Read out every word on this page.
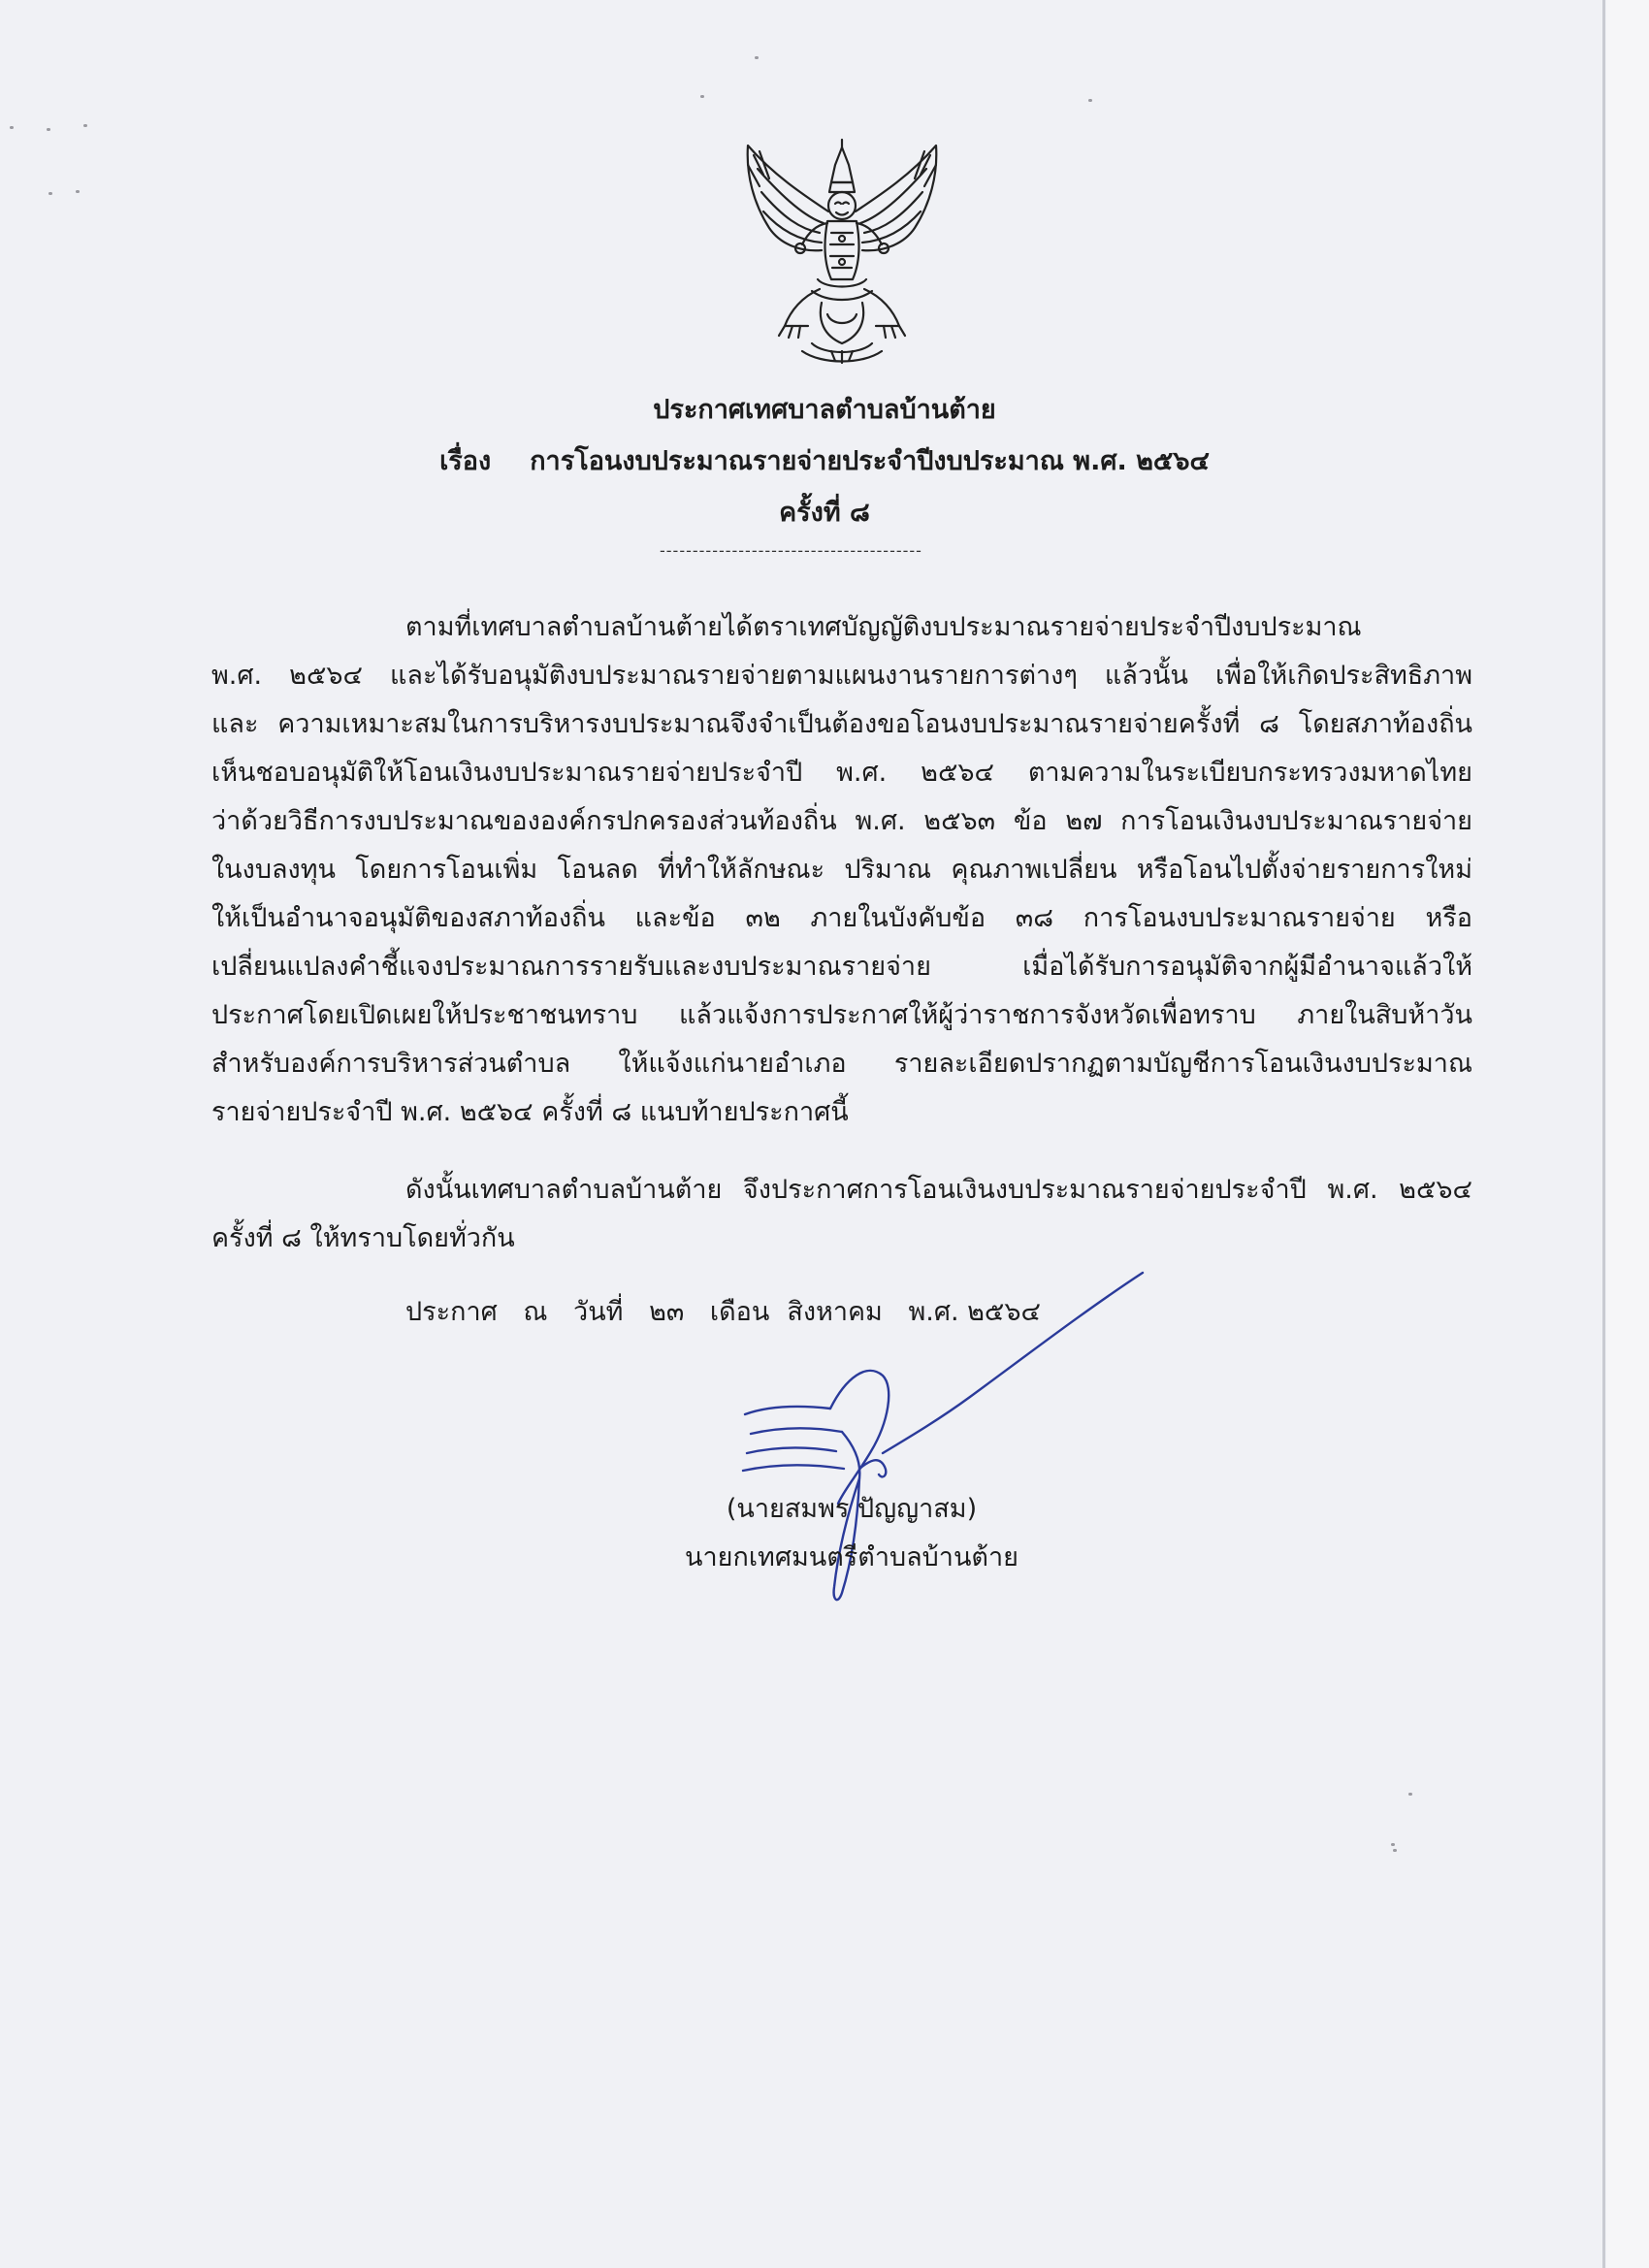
ประกาศเทศบาลตำบลบ้านต้าย
เรื่อง การโอนงบประมาณรายจ่ายประจำปีงบประมาณ พ.ศ. ๒๕๖๔
ครั้งที่ ๘
----------------------------------------
ตามที่เทศบาลตำบลบ้านต้ายได้ตราเทศบัญญัติงบประมาณรายจ่ายประจำปีงบประมาณ
พ.ศ. ๒๕๖๔ และได้รับอนุมัติงบประมาณรายจ่ายตามแผนงานรายการต่างๆ แล้วนั้น เพื่อให้เกิดประสิทธิภาพ
และ ความเหมาะสมในการบริหารงบประมาณจึงจำเป็นต้องขอโอนงบประมาณรายจ่ายครั้งที่ ๘ โดยสภาท้องถิ่น
เห็นชอบอนุมัติให้โอนเงินงบประมาณรายจ่ายประจำปี พ.ศ. ๒๕๖๔ ตามความในระเบียบกระทรวงมหาดไทย
ว่าด้วยวิธีการงบประมาณขององค์กรปกครองส่วนท้องถิ่น พ.ศ. ๒๕๖๓ ข้อ ๒๗ การโอนเงินงบประมาณรายจ่าย
ในงบลงทุน โดยการโอนเพิ่ม โอนลด ที่ทำให้ลักษณะ ปริมาณ คุณภาพเปลี่ยน หรือโอนไปตั้งจ่ายรายการใหม่
ให้เป็นอำนาจอนุมัติของสภาท้องถิ่น และข้อ ๓๒ ภายในบังคับข้อ ๓๘ การโอนงบประมาณรายจ่าย หรือ
เปลี่ยนแปลงคำชี้แจงประมาณการรายรับและงบประมาณรายจ่าย เมื่อได้รับการอนุมัติจากผู้มีอำนาจแล้วให้
ประกาศโดยเปิดเผยให้ประชาชนทราบ แล้วแจ้งการประกาศให้ผู้ว่าราชการจังหวัดเพื่อทราบ ภายในสิบห้าวัน
สำหรับองค์การบริหารส่วนตำบล ให้แจ้งแก่นายอำเภอ รายละเอียดปรากฏตามบัญชีการโอนเงินงบประมาณ
รายจ่ายประจำปี พ.ศ. ๒๕๖๔ ครั้งที่ ๘ แนบท้ายประกาศนี้
ดังนั้นเทศบาลตำบลบ้านต้าย จึงประกาศการโอนเงินงบประมาณรายจ่ายประจำปี พ.ศ. ๒๕๖๔
ครั้งที่ ๘ ให้ทราบโดยทั่วกัน
ประกาศ ณ วันที่ ๒๓ เดือน สิงหาคม พ.ศ. ๒๕๖๔
(นายสมพร ปัญญาสม)
นายกเทศมนตรีตำบลบ้านต้าย
